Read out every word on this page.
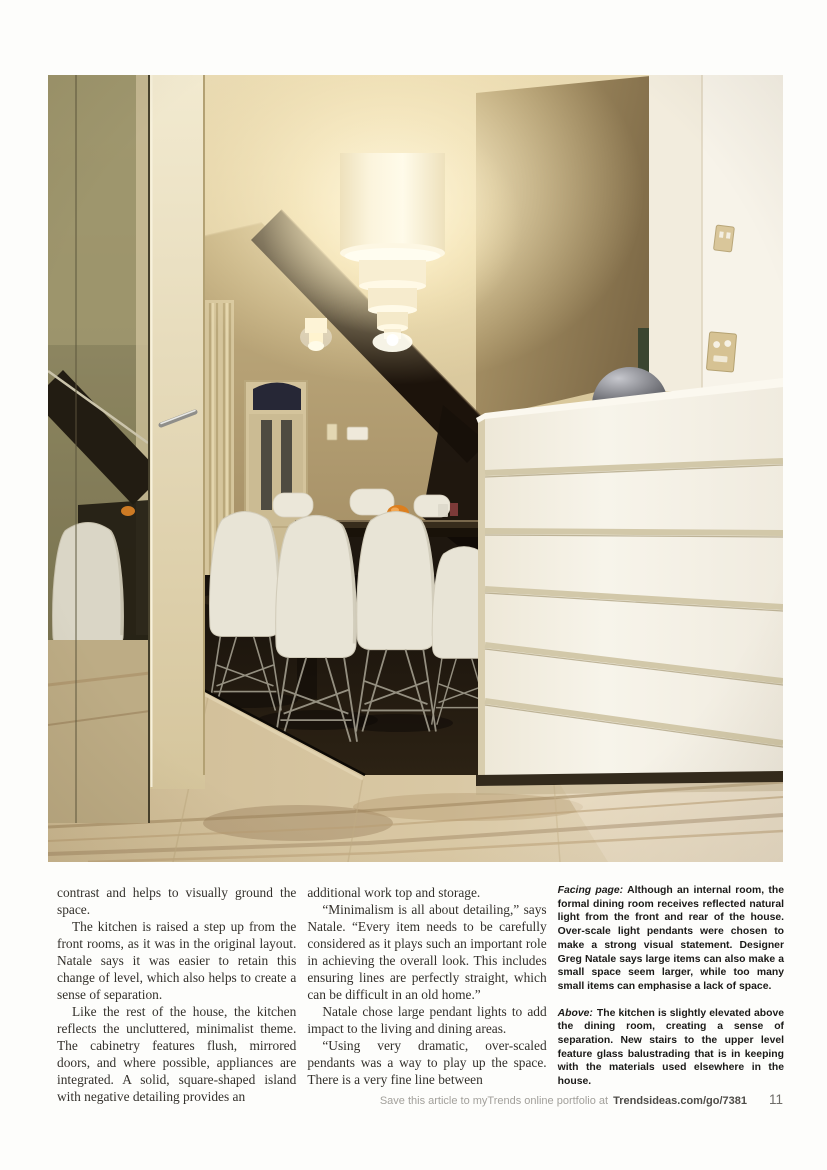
contrast and helps to visually ground the space.

The kitchen is raised a step up from the front rooms, as it was in the original layout. Natale says it was easier to retain this change of level, which also helps to create a sense of separation.

Like the rest of the house, the kitchen reflects the uncluttered, minimalist theme. The cabinetry features flush, mirrored doors, and where possible, appliances are integrated. A solid, square-shaped island with negative detailing provides an

additional work top and storage.

“Minimalism is all about detailing,” says Natale. “Every item needs to be carefully considered as it plays such an important role in achieving the overall look. This includes ensuring lines are perfectly straight, which can be difficult in an old home.”

Natale chose large pendant lights to add impact to the living and dining areas.

“Using very dramatic, over-scaled pendants was a way to play up the space. There is a very fine line between

Facing page: Although an internal room, the formal dining room receives reflected natural light from the front and rear of the house. Over-scale light pendants were chosen to make a strong visual statement. Designer Greg Natale says large items can also make a small space seem larger, while too many small items can emphasise a lack of space.

Above: The kitchen is slightly elevated above the dining room, creating a sense of separation. New stairs to the upper level feature glass balustrading that is in keeping with the materials used elsewhere in the house.

Save this article to myTrends online portfolio at Trendsideas.com/go/7381 11
